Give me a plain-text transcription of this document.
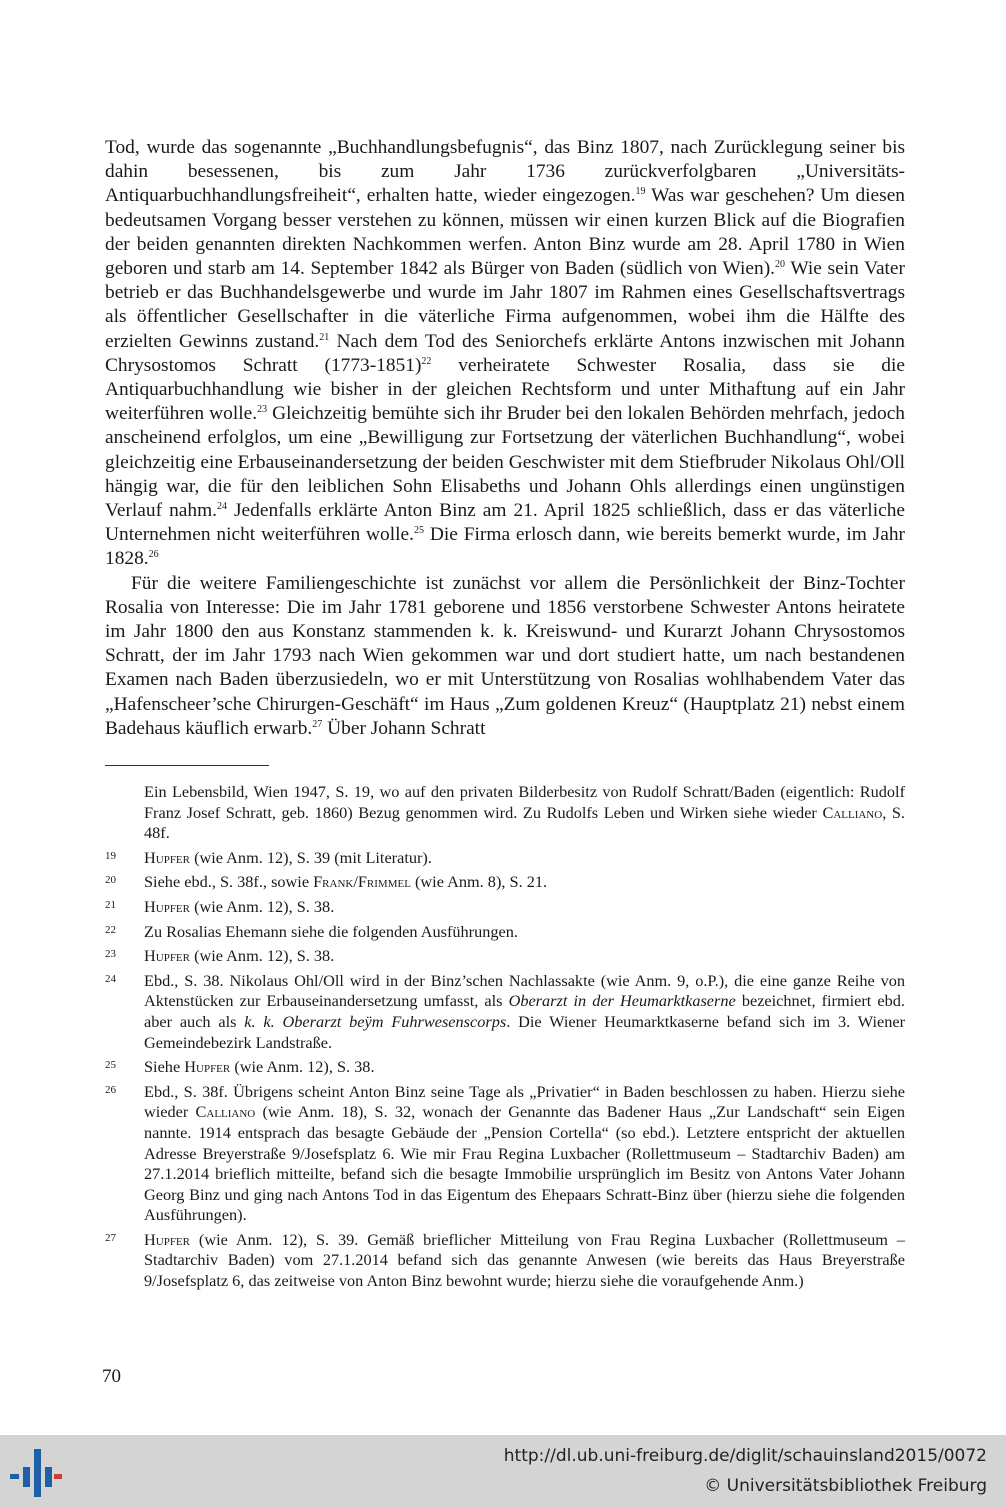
Tod, wurde das sogenannte „Buchhandlungsbefugnis“, das Binz 1807, nach Zurücklegung seiner bis dahin besessenen, bis zum Jahr 1736 zurückverfolgbaren „Universitäts-Antiquarbuchhandlungsfreiheit“, erhalten hatte, wieder eingezogen.$^{19}$ Was war geschehen? Um diesen bedeutsamen Vorgang besser verstehen zu können, müssen wir einen kurzen Blick auf die Biografien der beiden genannten direkten Nachkommen werfen. Anton Binz wurde am 28. April 1780 in Wien geboren und starb am 14. September 1842 als Bürger von Baden (südlich von Wien).$^{20}$ Wie sein Vater betrieb er das Buchhandelsgewerbe und wurde im Jahr 1807 im Rahmen eines Gesellschaftsvertrags als öffentlicher Gesellschafter in die väterliche Firma aufgenommen, wobei ihm die Hälfte des erzielten Gewinns zustand.$^{21}$ Nach dem Tod des Seniorchefs erklärte Antons inzwischen mit Johann Chrysostomos Schratt (1773-1851)$^{22}$ verheiratete Schwester Rosalia, dass sie die Antiquarbuchhandlung wie bisher in der gleichen Rechtsform und unter Mithaftung auf ein Jahr weiterführen wolle.$^{23}$ Gleichzeitig bemühte sich ihr Bruder bei den lokalen Behörden mehrfach, jedoch anscheinend erfolglos, um eine „Bewilligung zur Fortsetzung der väterlichen Buchhandlung“, wobei gleichzeitig eine Erbauseinandersetzung der beiden Geschwister mit dem Stiefbruder Nikolaus Ohl/Oll hängig war, die für den leiblichen Sohn Elisabeths und Johann Ohls allerdings einen ungünstigen Verlauf nahm.$^{24}$ Jedenfalls erklärte Anton Binz am 21. April 1825 schließlich, dass er das väterliche Unternehmen nicht weiterführen wolle.$^{25}$ Die Firma erlosch dann, wie bereits bemerkt wurde, im Jahr 1828.26

Für die weitere Familiengeschichte ist zunächst vor allem die Persönlichkeit der Binz-Tochter Rosalia von Interesse: Die im Jahr 1781 geborene und 1856 verstorbene Schwester Antons heiratete im Jahr 1800 den aus Konstanz stammenden k. k. Kreiswund- und Kurarzt Johann Chrysostomos Schratt, der im Jahr 1793 nach Wien gekommen war und dort studiert hatte, um nach bestandenen Examen nach Baden überzusiedeln, wo er mit Unterstützung von Rosalias wohlhabendem Vater das „Hafenscheer’sche Chirurgen-Geschäft“ im Haus „Zum goldenen Kreuz“ (Hauptplatz 21) nebst einem Badehaus käuflich erwarb.$^{27}$ Über Johann Schratt

Ein Lebensbild, Wien 1947, S. 19, wo auf den privaten Bilderbesitz von Rudolf Schratt/Baden (eigentlich: Rudolf Franz Josef Schratt, geb. 1860) Bezug genommen wird. Zu Rudolfs Leben und Wirken siehe wieder Calliano, S. 48f.
19 Hupfer (wie Anm. 12), S. 39 (mit Literatur).
20 Siehe ebd., S. 38f., sowie Frank/Frimmel (wie Anm. 8), S. 21.
21 Hupfer (wie Anm. 12), S. 38.
22 Zu Rosalias Ehemann siehe die folgenden Ausführungen.
23 Hupfer (wie Anm. 12), S. 38.
24 Ebd., S. 38. Nikolaus Ohl/Oll wird in der Binz’schen Nachlassakte (wie Anm. 9, o.P.), die eine ganze Reihe von Aktenstücken zur Erbauseinandersetzung umfasst, als Oberarzt in der Heumarktkaserne bezeichnet, firmiert ebd. aber auch als k. k. Oberarzt beÿm Fuhrwesenscorps. Die Wiener Heumarktkaserne befand sich im 3. Wiener Gemeindebezirk Landstraße.
25 Siehe Hupfer (wie Anm. 12), S. 38.
26 Ebd., S. 38f. Übrigens scheint Anton Binz seine Tage als „Privatier“ in Baden beschlossen zu haben. Hierzu siehe wieder Calliano (wie Anm. 18), S. 32, wonach der Genannte das Badener Haus „Zur Landschaft“ sein Eigen nannte. 1914 entsprach das besagte Gebäude der „Pension Cortella“ (so ebd.). Letztere entspricht der aktuellen Adresse Breyerstraße 9/Josefsplatz 6. Wie mir Frau Regina Luxbacher (Rollettmuseum – Stadtarchiv Baden) am 27.1.2014 brieflich mitteilte, befand sich die besagte Immobilie ursprünglich im Besitz von Antons Vater Johann Georg Binz und ging nach Antons Tod in das Eigentum des Ehepaars Schratt-Binz über (hierzu siehe die folgenden Ausführungen).
27 Hupfer (wie Anm. 12), S. 39. Gemäß brieflicher Mitteilung von Frau Regina Luxbacher (Rollettmuseum – Stadtarchiv Baden) vom 27.1.2014 befand sich das genannte Anwesen (wie bereits das Haus Breyerstraße 9/Josefsplatz 6, das zeitweise von Anton Binz bewohnt wurde; hierzu siehe die voraufgehende Anm.)
70
http://dl.ub.uni-freiburg.de/diglit/schauinsland2015/0072
© Universitätsbibliothek Freiburg
